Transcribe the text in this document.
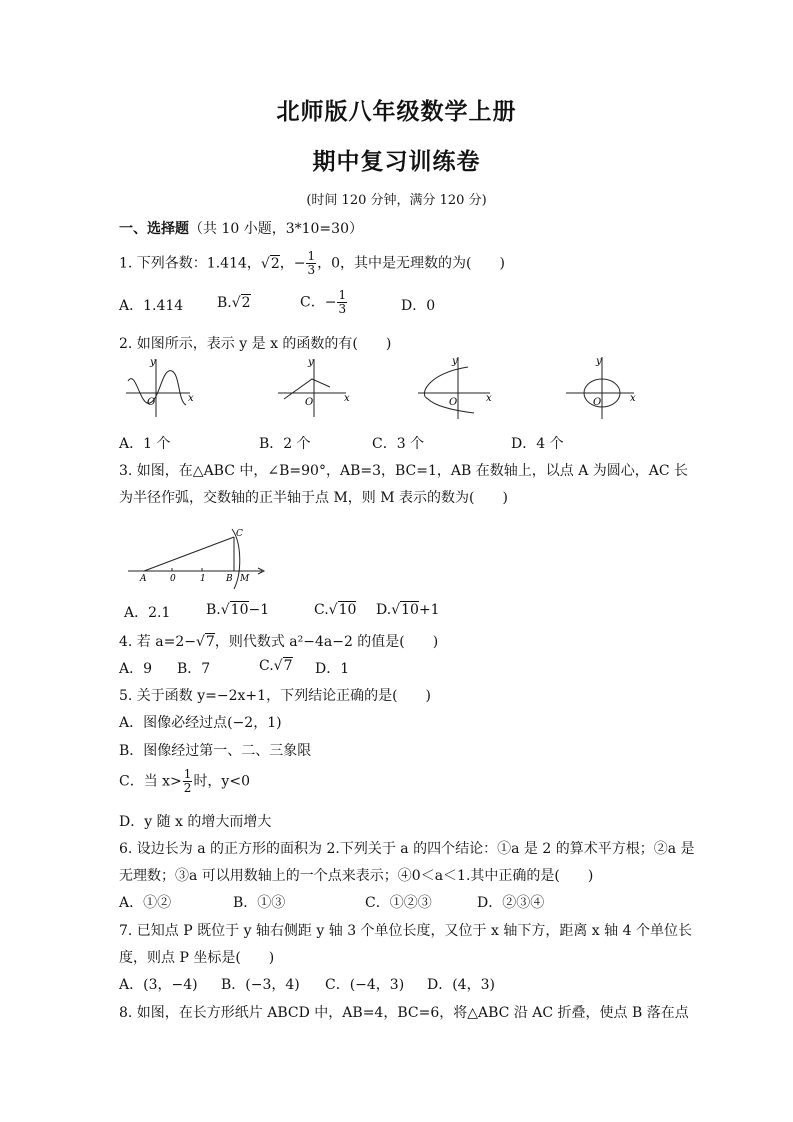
北师版八年级数学上册
期中复习训练卷
(时间 120 分钟，满分 120 分)
一、选择题（共 10 小题，3*10=30）
1. 下列各数：1.414， √ 2，− $\frac{1}{3}$ ，0，其中是无理数的为(　　)
A．1.414 B. √ 2	C．− $\frac{1}{3}$	D．0
2. 如图所示，表示 y 是 x 的函数的有(　　)
y
x
O
y
x
O
y
x
O
y
x
O
A．1 个	B．2 个	C．3 个	D．4 个
3. 如图，在△ABC 中，∠B=90°，AB=3，BC=1，AB 在数轴上，以点 A 为圆心，AC 长
为半径作弧，交数轴的正半轴于点 M，则 M 表示的数为(　　)
A	0	1 B M
C
A．2.1	B. √ 10−1	C. √ 10 D. √ 10+1
4. 若 a=2− √ 7，则代数式 a²−4a−2 的值是(　　)
A．9 B．7	C. √ 7 D．1
5. 关于函数 y=−2x+1，下列结论正确的是(　　)
A．图像必经过点(−2，1)
B．图像经过第一、二、三象限
C．当 $x> \frac{1}{2}$ 时，y<0
D．y 随 x 的增大而增大
6. 设边长为 a 的正方形的面积为 2.下列关于 a 的四个结论：①a 是 2 的算术平方根；②a 是
无理数；③a 可以用数轴上的一个点来表示；④0＜a＜1.其中正确的是(　　)
A．①②	B．①③	C．①②③	D．②③④
7. 已知点 P 既位于 y 轴右侧距 y 轴 3 个单位长度，又位于 x 轴下方，距离 x 轴 4 个单位长
度，则点 P 坐标是(　　)
A．(3，−4) B．(−3，4) C．(−4，3) D．(4，3)
8. 如图，在长方形纸片 ABCD 中，AB=4，BC=6，将△ABC 沿 AC 折叠，使点 B 落在点
